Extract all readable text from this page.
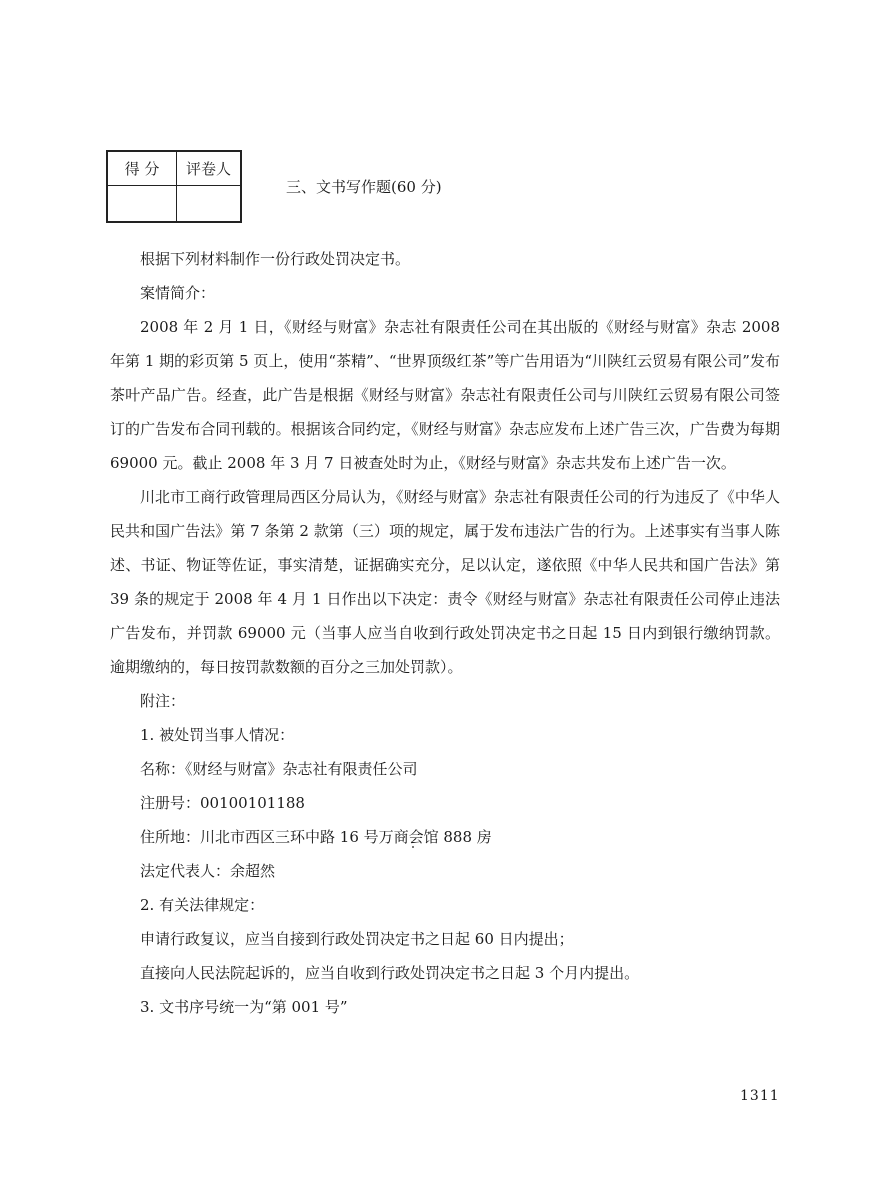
得 分	评卷人

三、文书写作题(60 分)

根据下列材料制作一份行政处罚决定书。

案情简介：

2008 年 2 月 1 日，《财经与财富》杂志社有限责任公司在其出版的《财经与财富》杂志 2008 年第 1 期的彩页第 5 页上，使用“茶精”、“世界顶级红茶”等广告用语为“川陕红云贸易有限公司”发布茶叶产品广告。经查，此广告是根据《财经与财富》杂志社有限责任公司与川陕红云贸易有限公司签订的广告发布合同刊载的。根据该合同约定，《财经与财富》杂志应发布上述广告三次，广告费为每期 69000 元。截止 2008 年 3 月 7 日被查处时为止，《财经与财富》杂志共发布上述广告一次。

川北市工商行政管理局西区分局认为，《财经与财富》杂志社有限责任公司的行为违反了《中华人民共和国广告法》第 7 条第 2 款第（三）项的规定，属于发布违法广告的行为。上述事实有当事人陈述、书证、物证等佐证，事实清楚，证据确实充分，足以认定，遂依照《中华人民共和国广告法》第 39 条的规定于 2008 年 4 月 1 日作出以下决定：责令《财经与财富》杂志社有限责任公司停止违法广告发布，并罚款 69000 元（当事人应当自收到行政处罚决定书之日起 15 日内到银行缴纳罚款。逾期缴纳的，每日按罚款数额的百分之三加处罚款）。

附注：

1. 被处罚当事人情况：

名称：《财经与财富》杂志社有限责任公司

注册号：00100101188

住所地：川北市西区三环中路 16 号万商会馆 888 房

法定代表人：余超然

2. 有关法律规定：

申请行政复议，应当自接到行政处罚决定书之日起 60 日内提出；

直接向人民法院起诉的，应当自收到行政处罚决定书之日起 3 个月内提出。

3. 文书序号统一为“第 001 号”

1311
